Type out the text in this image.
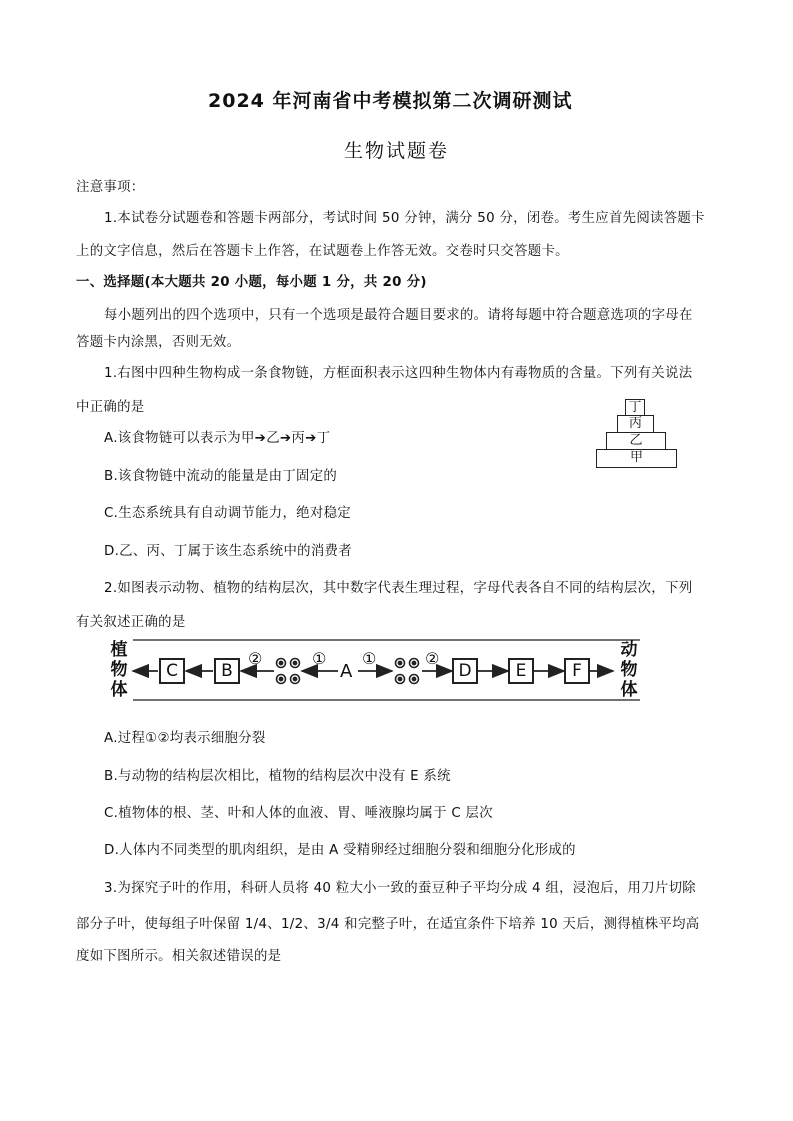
2024 年河南省中考模拟第二次调研测试
生物试题卷
注意事项：
1.本试卷分试题卷和答题卡两部分，考试时间 50 分钟，满分 50 分，闭卷。考生应首先阅读答题卡
上的文字信息，然后在答题卡上作答，在试题卷上作答无效。交卷时只交答题卡。
一、选择题(本大题共 20 小题，每小题 1 分，共 20 分)
每小题列出的四个选项中，只有一个选项是最符合题目要求的。请将每题中符合题意选项的字母在
答题卡内涂黑，否则无效。
1.右图中四种生物构成一条食物链，方框面积表示这四种生物体内有毒物质的含量。下列有关说法
中正确的是
A.该食物链可以表示为甲➔乙➔丙➔丁
B.该食物链中流动的能量是由丁固定的
C.生态系统具有自动调节能力，绝对稳定
D.乙、丙、丁属于该生态系统中的消费者
丁
丙
乙
甲
2.如图表示动物、植物的结构层次，其中数字代表生理过程，字母代表各自不同的结构层次，下列
有关叙述正确的是
植物体
动物体
C	B	D	E	F
A
②	① ①	②
A.过程①②均表示细胞分裂
B.与动物的结构层次相比，植物的结构层次中没有 E 系统
C.植物体的根、茎、叶和人体的血液、胃、唾液腺均属于 C 层次
D.人体内不同类型的肌肉组织，是由 A 受精卵经过细胞分裂和细胞分化形成的
3.为探究子叶的作用，科研人员将 40 粒大小一致的蚕豆种子平均分成 4 组，浸泡后，用刀片切除
部分子叶，使每组子叶保留 1/4、1/2、3/4 和完整子叶，在适宜条件下培养 10 天后，测得植株平均高
度如下图所示。相关叙述错误的是
